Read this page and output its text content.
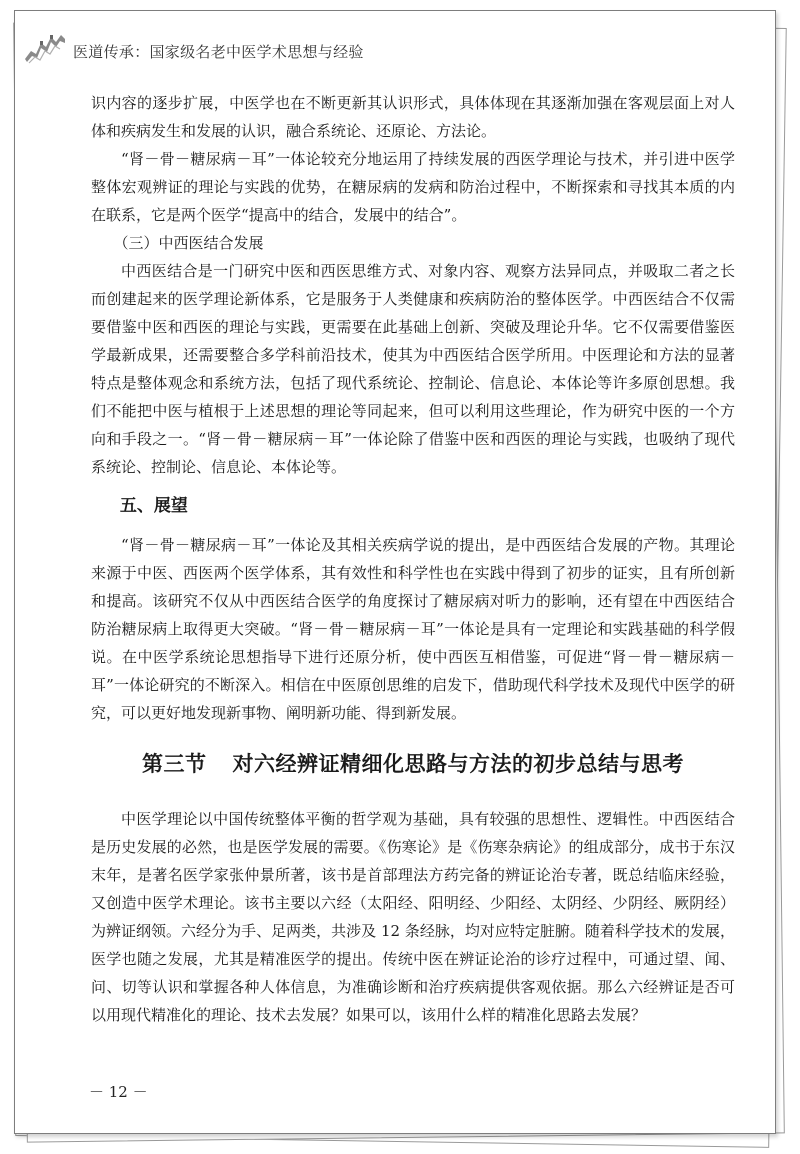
医道传承：国家级名老中医学术思想与经验

识内容的逐步扩展，中医学也在不断更新其认识形式，具体体现在其逐渐加强在客观层面上对人体和疾病发生和发展的认识，融合系统论、还原论、方法论。

“肾－骨－糖尿病－耳”一体论较充分地运用了持续发展的西医学理论与技术，并引进中医学整体宏观辨证的理论与实践的优势，在糖尿病的发病和防治过程中，不断探索和寻找其本质的内在联系，它是两个医学“提高中的结合，发展中的结合”。

（三）中西医结合发展

中西医结合是一门研究中医和西医思维方式、对象内容、观察方法异同点，并吸取二者之长而创建起来的医学理论新体系，它是服务于人类健康和疾病防治的整体医学。中西医结合不仅需要借鉴中医和西医的理论与实践，更需要在此基础上创新、突破及理论升华。它不仅需要借鉴医学最新成果，还需要整合多学科前沿技术，使其为中西医结合医学所用。中医理论和方法的显著特点是整体观念和系统方法，包括了现代系统论、控制论、信息论、本体论等许多原创思想。我们不能把中医与植根于上述思想的理论等同起来，但可以利用这些理论，作为研究中医的一个方向和手段之一。“肾－骨－糖尿病－耳”一体论除了借鉴中医和西医的理论与实践，也吸纳了现代系统论、控制论、信息论、本体论等。

五、展望

“肾－骨－糖尿病－耳”一体论及其相关疾病学说的提出，是中西医结合发展的产物。其理论来源于中医、西医两个医学体系，其有效性和科学性也在实践中得到了初步的证实，且有所创新和提高。该研究不仅从中西医结合医学的角度探讨了糖尿病对听力的影响，还有望在中西医结合防治糖尿病上取得更大突破。“肾－骨－糖尿病－耳”一体论是具有一定理论和实践基础的科学假说。在中医学系统论思想指导下进行还原分析，使中西医互相借鉴，可促进“肾－骨－糖尿病－耳”一体论研究的不断深入。相信在中医原创思维的启发下，借助现代科学技术及现代中医学的研究，可以更好地发现新事物、阐明新功能、得到新发展。

第三节 对六经辨证精细化思路与方法的初步总结与思考

中医学理论以中国传统整体平衡的哲学观为基础，具有较强的思想性、逻辑性。中西医结合是历史发展的必然，也是医学发展的需要。《伤寒论》是《伤寒杂病论》的组成部分，成书于东汉末年，是著名医学家张仲景所著，该书是首部理法方药完备的辨证论治专著，既总结临床经验，又创造中医学术理论。该书主要以六经（太阳经、阳明经、少阳经、太阴经、少阴经、厥阴经）为辨证纲领。六经分为手、足两类，共涉及 12 条经脉，均对应特定脏腑。随着科学技术的发展，医学也随之发展，尤其是精准医学的提出。传统中医在辨证论治的诊疗过程中，可通过望、闻、问、切等认识和掌握各种人体信息，为准确诊断和治疗疾病提供客观依据。那么六经辨证是否可以用现代精准化的理论、技术去发展？如果可以，该用什么样的精准化思路去发展？

－ 12 －
